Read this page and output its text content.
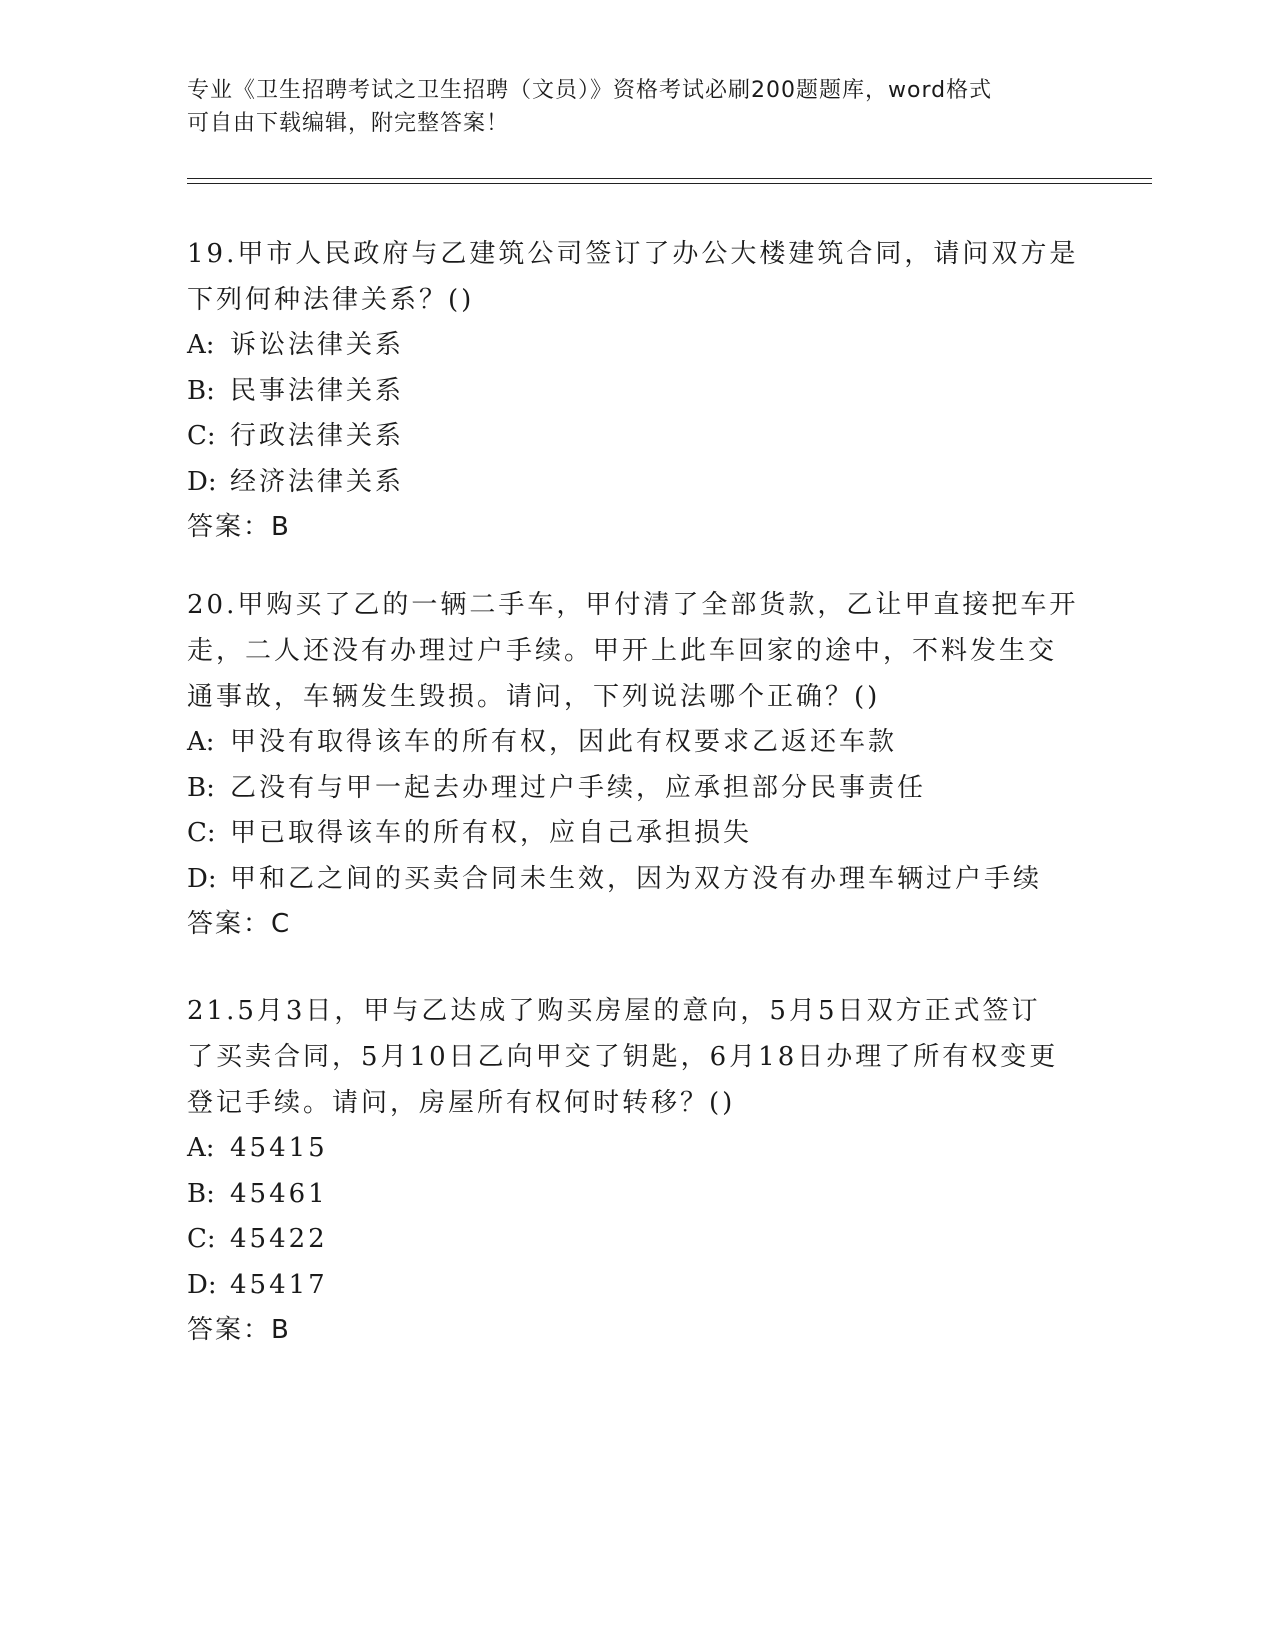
专业《卫生招聘考试之卫生招聘（文员）》资格考试必刷200题题库，word格式
可自由下载编辑，附完整答案！

19.甲市人民政府与乙建筑公司签订了办公大楼建筑合同，请问双方是

下列何种法律关系？()

A: 诉讼法律关系

B: 民事法律关系

C: 行政法律关系

D: 经济法律关系

答案：B

20.甲购买了乙的一辆二手车，甲付清了全部货款，乙让甲直接把车开

走，二人还没有办理过户手续。甲开上此车回家的途中，不料发生交

通事故，车辆发生毁损。请问，下列说法哪个正确？()

A: 甲没有取得该车的所有权，因此有权要求乙返还车款

B: 乙没有与甲一起去办理过户手续，应承担部分民事责任

C: 甲已取得该车的所有权，应自己承担损失

D: 甲和乙之间的买卖合同未生效，因为双方没有办理车辆过户手续

答案：C

21.5月3日，甲与乙达成了购买房屋的意向，5月5日双方正式签订

了买卖合同，5月10日乙向甲交了钥匙，6月18日办理了所有权变更

登记手续。请问，房屋所有权何时转移？()

A: 45415

B: 45461

C: 45422

D: 45417

答案：B
